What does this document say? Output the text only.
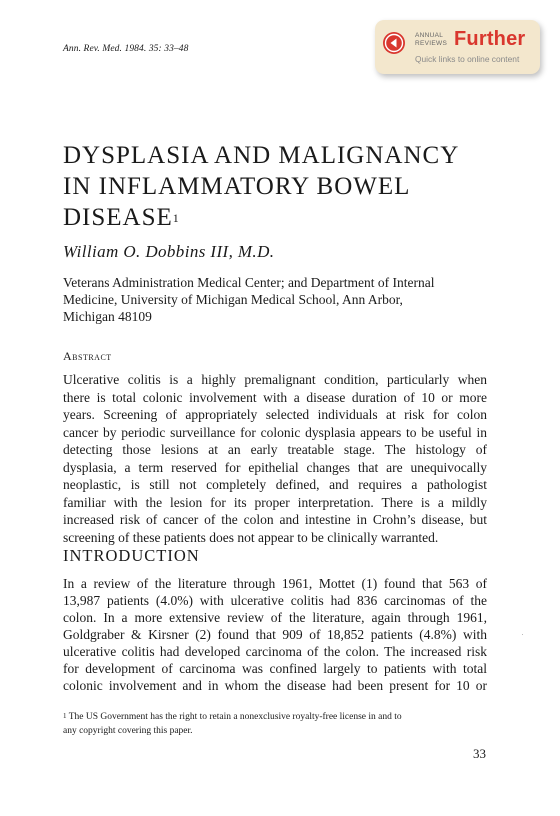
Ann. Rev. Med. 1984. 35: 33–48
ANNUAL
REVIEWS Further
Quick links to online content
DYSPLASIA AND MALIGNANCY
IN INFLAMMATORY BOWEL
DISEASE$^1$
William O. Dobbins III, M.D.
Veterans Administration Medical Center; and Department of Internal
Medicine, University of Michigan Medical School, Ann Arbor,
Michigan 48109
Abstract
Ulcerative colitis is a highly premalignant condition, particularly when
there is total colonic involvement with a disease duration of 10 or more
years. Screening of appropriately selected individuals at risk for colon
cancer by periodic surveillance for colonic dysplasia appears to be useful in
detecting those lesions at an early treatable stage. The histology of
dysplasia, a term reserved for epithelial changes that are unequivocally
neoplastic, is still not completely defined, and requires a pathologist
familiar with the lesion for its proper interpretation. There is a mildly
increased risk of cancer of the colon and intestine in Crohn’s disease, but
screening of these patients does not appear to be clinically warranted.
INTRODUCTION
In a review of the literature through 1961, Mottet (1) found that 563 of
13,987 patients (4.0%) with ulcerative colitis had 836 carcinomas of the
colon. In a more extensive review of the literature, again through 1961,
Goldgraber & Kirsner (2) found that 909 of 18,852 patients (4.8%) with
ulcerative colitis had developed carcinoma of the colon. The increased risk
for development of carcinoma was confined largely to patients with total
colonic involvement and in whom the disease had been present for 10 or
$^1$ The US Government has the right to retain a nonexclusive royalty-free license in and to
any copyright covering this paper.
33
